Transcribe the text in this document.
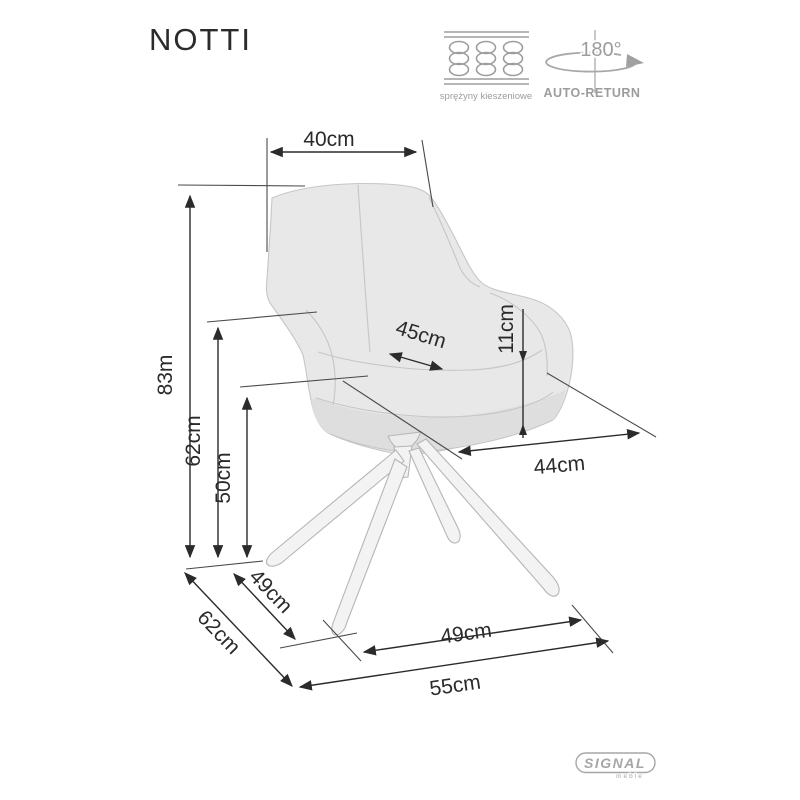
40cm
83m
62cm
50cm
45cm 11cm
44cm
62cm
49cm
49cm
55cm
NOTTI
sprężyny kieszeniowe
180°
AUTO-RETURN
SIGNAL
meble
